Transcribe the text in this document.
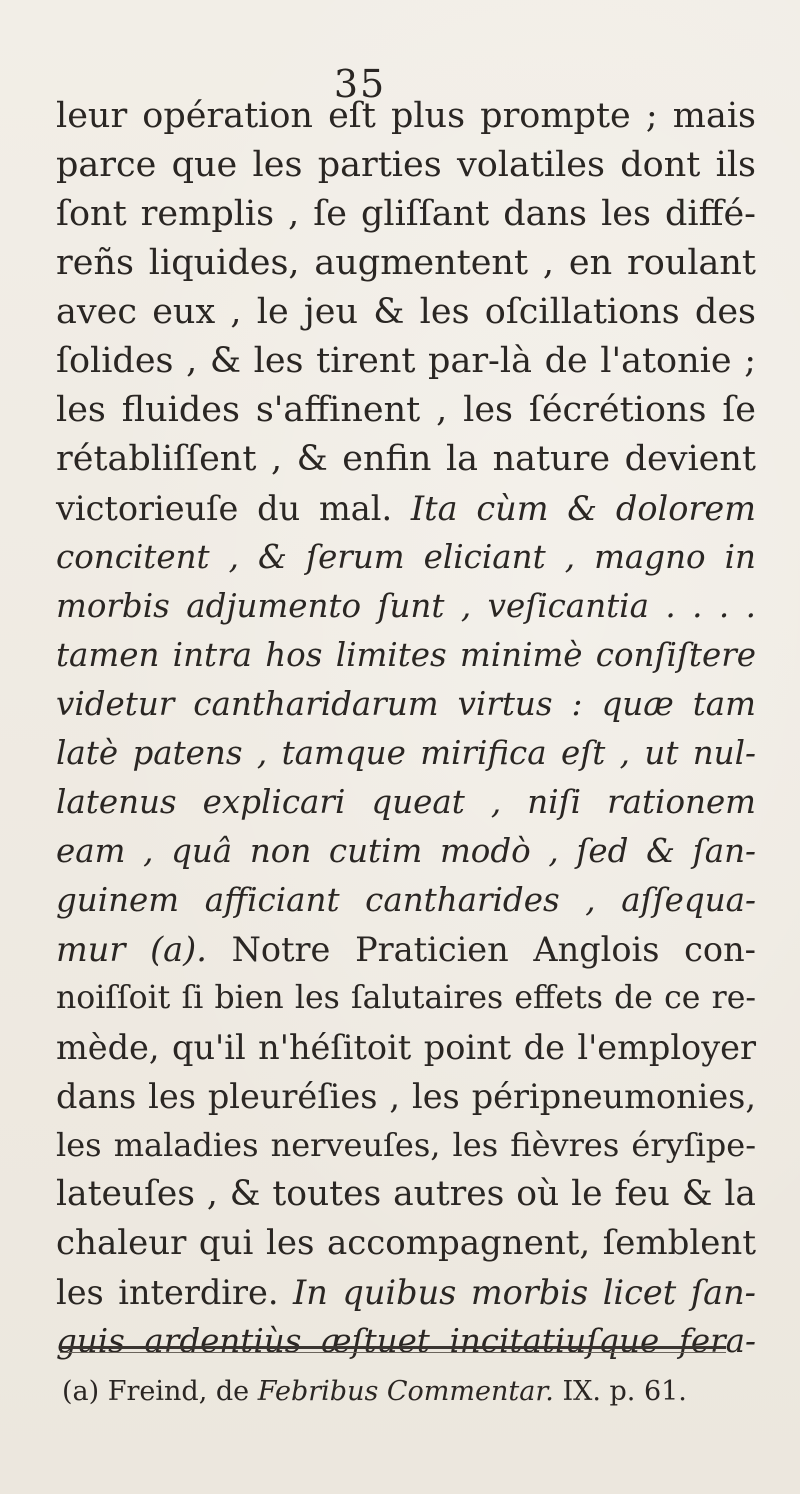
35
leur opération eſt plus prompte ; mais
parce que les parties volatiles dont ils
ſont remplis , ſe gliſſant dans les diffé-
reñs liquides, augmentent , en roulant
avec eux , le jeu & les oſcillations des
ſolides , & les tirent par-là de l'atonie ;
les fluides s'affinent , les ſécrétions ſe
rétabliſſent , & enfin la nature devient
victorieuſe du mal. Ita cùm & dolorem
concitent , & ſerum eliciant , magno in
morbis adjumento ſunt , veſicantia . . . .
tamen intra hos limites minimè conſiſtere
videtur cantharidarum virtus : quæ tam
latè patens , tamque mirifica eſt , ut nul-
latenus explicari queat , niſi rationem
eam , quâ non cutim modò , ſed & ſan-
guinem afficiant cantharides , aſſequa-
mur (a). Notre Praticien Anglois con-
noiſſoit ſi bien les ſalutaires effets de ce re-
mède, qu'il n'héſitoit point de l'employer
dans les pleuréſies , les péripneumonies,
les maladies nerveuſes, les fièvres éryſipe-
lateuſes , & toutes autres où le feu & la
chaleur qui les accompagnent, ſemblent
les interdire. In quibus morbis licet ſan-
guis ardentiùs æſtuet incitatiuſque fera-
(a) Freind, de Febribus Commentar. IX. p. 61.
